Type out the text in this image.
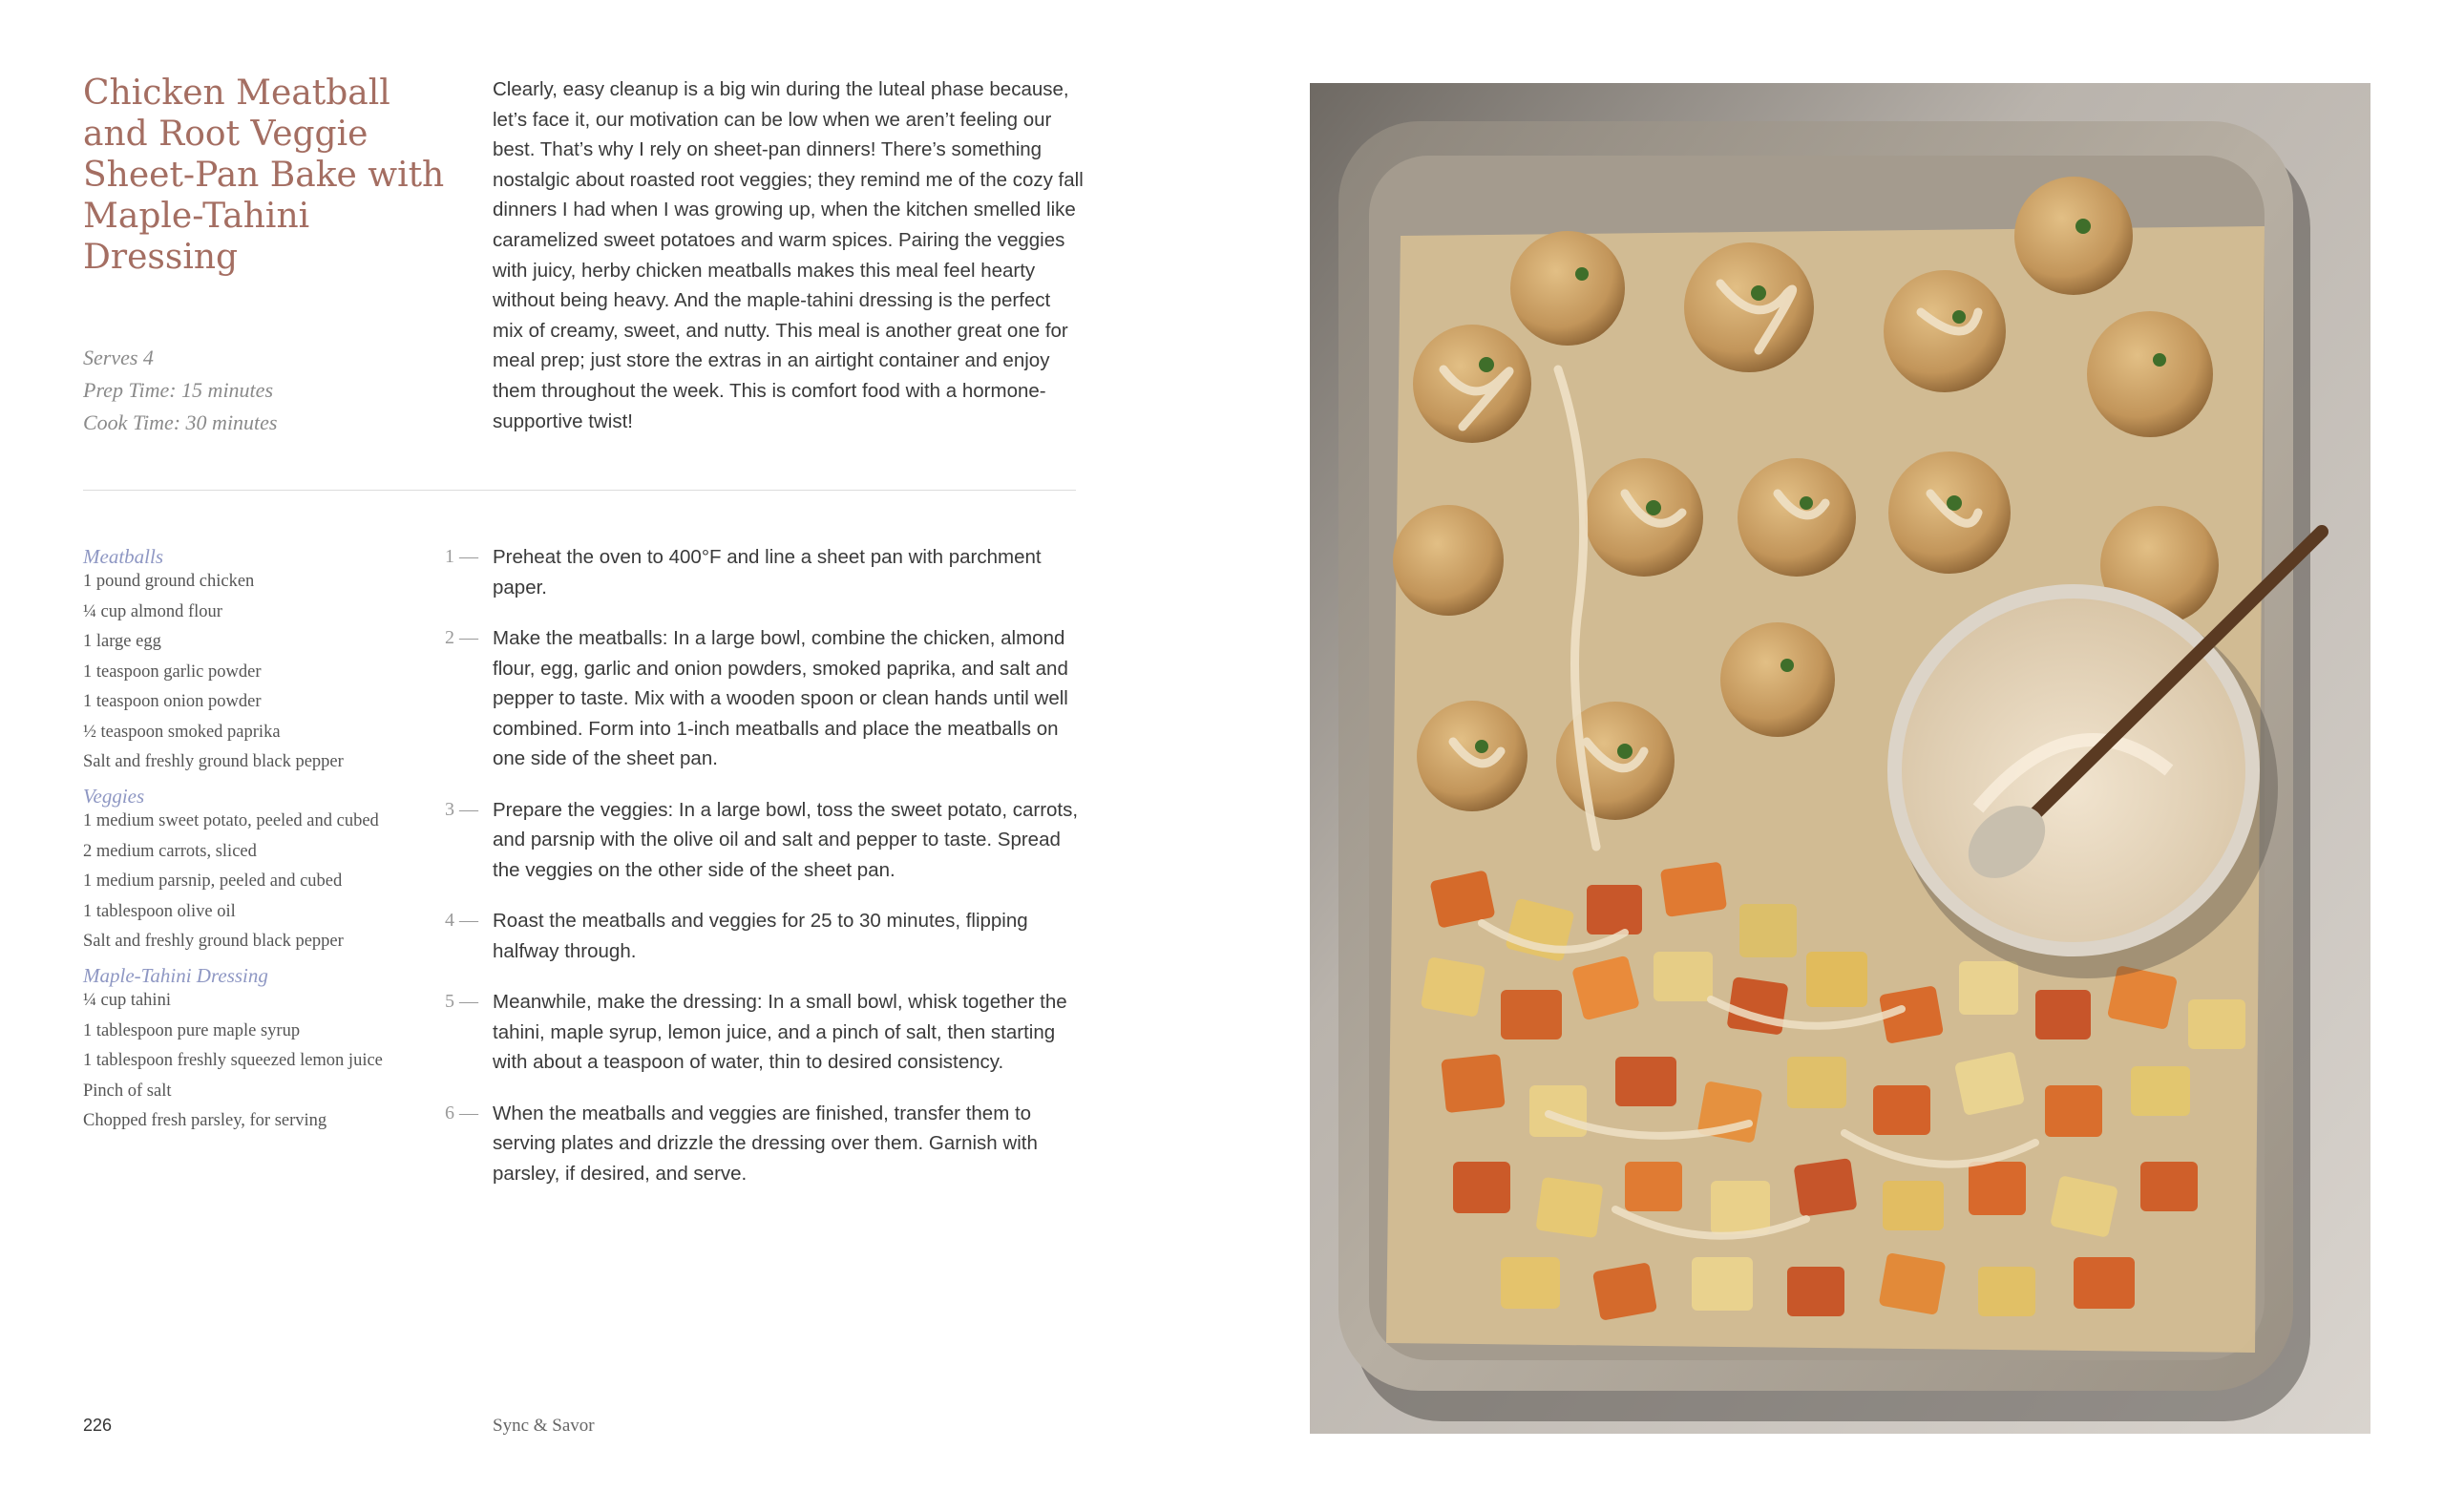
Chicken Meatball and Root Veggie Sheet-Pan Bake with Maple-Tahini Dressing
Serves 4
Prep Time: 15 minutes
Cook Time: 30 minutes

Clearly, easy cleanup is a big win during the luteal phase because, let’s face it, our motivation can be low when we aren’t feeling our best. That’s why I rely on sheet-pan dinners! There’s something nostalgic about roasted root veggies; they remind me of the cozy fall dinners I had when I was growing up, when the kitchen smelled like caramelized sweet potatoes and warm spices. Pairing the veggies with juicy, herby chicken meatballs makes this meal feel hearty without being heavy. And the maple-tahini dressing is the perfect mix of creamy, sweet, and nutty. This meal is another great one for meal prep; just store the extras in an airtight container and enjoy them throughout the week. This is comfort food with a hormone-supportive twist!

Meatballs
1 pound ground chicken
¼ cup almond flour
1 large egg
1 teaspoon garlic powder
1 teaspoon onion powder
½ teaspoon smoked paprika
Salt and freshly ground black pepper
Veggies
1 medium sweet potato, peeled and cubed
2 medium carrots, sliced
1 medium parsnip, peeled and cubed
1 tablespoon olive oil
Salt and freshly ground black pepper
Maple-Tahini Dressing
¼ cup tahini
1 tablespoon pure maple syrup
1 tablespoon freshly squeezed lemon juice
Pinch of salt
Chopped fresh parsley, for serving
1 — Preheat the oven to 400°F and line a sheet pan with parchment paper.
2 — Make the meatballs: In a large bowl, combine the chicken, almond flour, egg, garlic and onion powders, smoked paprika, and salt and pepper to taste. Mix with a wooden spoon or clean hands until well combined. Form into 1-inch meatballs and place the meatballs on one side of the sheet pan.
3 — Prepare the veggies: In a large bowl, toss the sweet potato, carrots, and parsnip with the olive oil and salt and pepper to taste. Spread the veggies on the other side of the sheet pan.
4 — Roast the meatballs and veggies for 25 to 30 minutes, flipping halfway through.
5 — Meanwhile, make the dressing: In a small bowl, whisk together the tahini, maple syrup, lemon juice, and a pinch of salt, then starting with about a teaspoon of water, thin to desired consistency.
6 — When the meatballs and veggies are finished, transfer them to serving plates and drizzle the dressing over them. Garnish with parsley, if desired, and serve.
226	Sync & Savor
